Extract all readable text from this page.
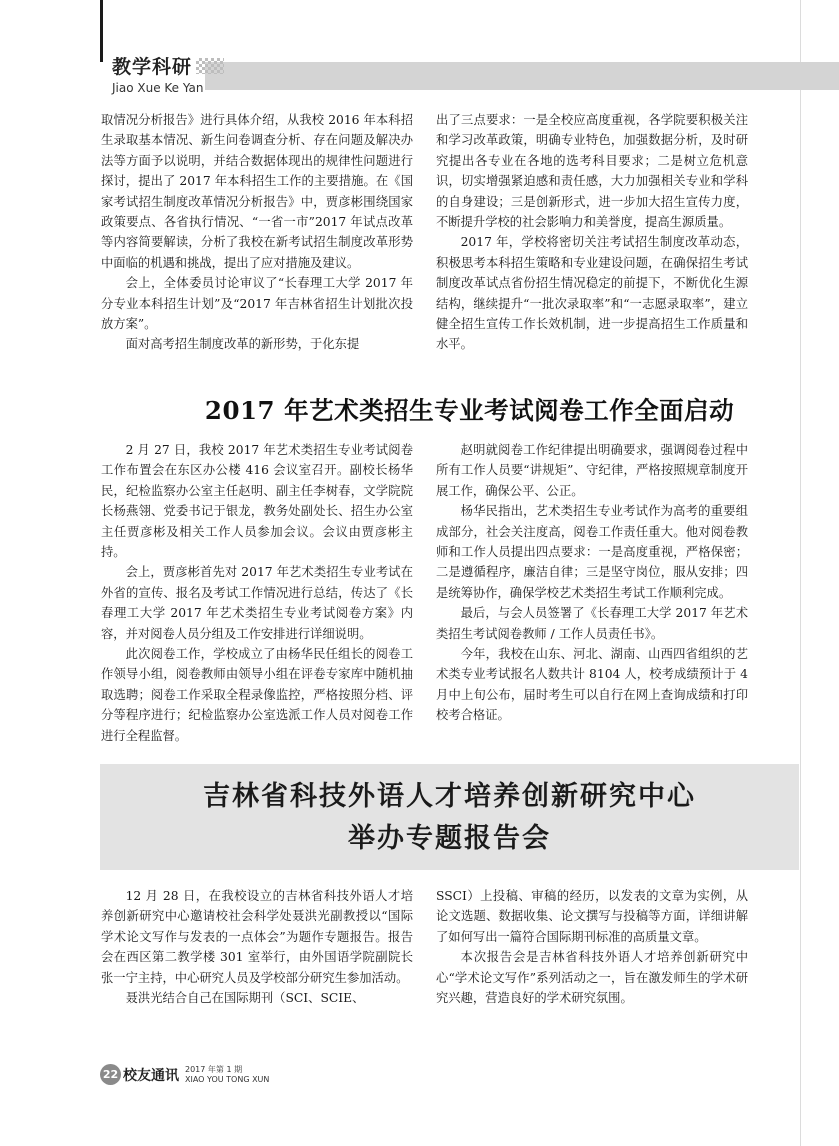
教学科研
Jiao Xue Ke Yan

取情况分析报告》进行具体介绍，从我校 2016 年本科招生录取基本情况、新生问卷调查分析、存在问题及解决办法等方面予以说明，并结合数据体现出的规律性问题进行探讨，提出了 2017 年本科招生工作的主要措施。在《国家考试招生制度改革情况分析报告》中，贾彦彬围绕国家政策要点、各省执行情况、“一省一市”2017 年试点改革等内容简要解读，分析了我校在新考试招生制度改革形势中面临的机遇和挑战，提出了应对措施及建议。

会上，全体委员讨论审议了“长春理工大学 2017 年分专业本科招生计划”及“2017 年吉林省招生计划批次投放方案”。

面对高考招生制度改革的新形势，于化东提

出了三点要求：一是全校应高度重视，各学院要积极关注和学习改革政策，明确专业特色，加强数据分析，及时研究提出各专业在各地的选考科目要求；二是树立危机意识，切实增强紧迫感和责任感，大力加强相关专业和学科的自身建设；三是创新形式，进一步加大招生宣传力度，不断提升学校的社会影响力和美誉度，提高生源质量。

2017 年，学校将密切关注考试招生制度改革动态，积极思考本科招生策略和专业建设问题，在确保招生考试制度改革试点省份招生情况稳定的前提下，不断优化生源结构，继续提升“一批次录取率”和“一志愿录取率”，建立健全招生宣传工作长效机制，进一步提高招生工作质量和水平。

2017 年艺术类招生专业考试阅卷工作全面启动

2 月 27 日，我校 2017 年艺术类招生专业考试阅卷工作布置会在东区办公楼 416 会议室召开。副校长杨华民，纪检监察办公室主任赵明、副主任李树春，文学院院长杨燕翎、党委书记于银龙，教务处副处长、招生办公室主任贾彦彬及相关工作人员参加会议。会议由贾彦彬主持。

会上，贾彦彬首先对 2017 年艺术类招生专业考试在外省的宣传、报名及考试工作情况进行总结，传达了《长春理工大学 2017 年艺术类招生专业考试阅卷方案》内容，并对阅卷人员分组及工作安排进行详细说明。

此次阅卷工作，学校成立了由杨华民任组长的阅卷工作领导小组，阅卷教师由领导小组在评卷专家库中随机抽取选聘；阅卷工作采取全程录像监控，严格按照分档、评分等程序进行；纪检监察办公室选派工作人员对阅卷工作进行全程监督。

赵明就阅卷工作纪律提出明确要求，强调阅卷过程中所有工作人员要“讲规矩”、守纪律，严格按照规章制度开展工作，确保公平、公正。

杨华民指出，艺术类招生专业考试作为高考的重要组成部分，社会关注度高，阅卷工作责任重大。他对阅卷教师和工作人员提出四点要求：一是高度重视，严格保密；二是遵循程序，廉洁自律；三是坚守岗位，服从安排；四是统筹协作，确保学校艺术类招生考试工作顺利完成。

最后，与会人员签署了《长春理工大学 2017 年艺术类招生考试阅卷教师 / 工作人员责任书》。

今年，我校在山东、河北、湖南、山西四省组织的艺术类专业考试报名人数共计 8104 人，校考成绩预计于 4 月中上旬公布，届时考生可以自行在网上查询成绩和打印校考合格证。

吉林省科技外语人才培养创新研究中心
举办专题报告会

12 月 28 日，在我校设立的吉林省科技外语人才培养创新研究中心邀请校社会科学处聂洪光副教授以“国际学术论文写作与发表的一点体会”为题作专题报告。报告会在西区第二教学楼 301 室举行，由外国语学院副院长张一宁主持，中心研究人员及学校部分研究生参加活动。

聂洪光结合自己在国际期刊（SCI、SCIE、

SSCI）上投稿、审稿的经历，以发表的文章为实例，从论文选题、数据收集、论文撰写与投稿等方面，详细讲解了如何写出一篇符合国际期刊标准的高质量文章。

本次报告会是吉林省科技外语人才培养创新研究中心“学术论文写作”系列活动之一，旨在激发师生的学术研究兴趣，营造良好的学术研究氛围。

22 校友通讯 2017 年第 1 期
XIAO YOU TONG XUN
